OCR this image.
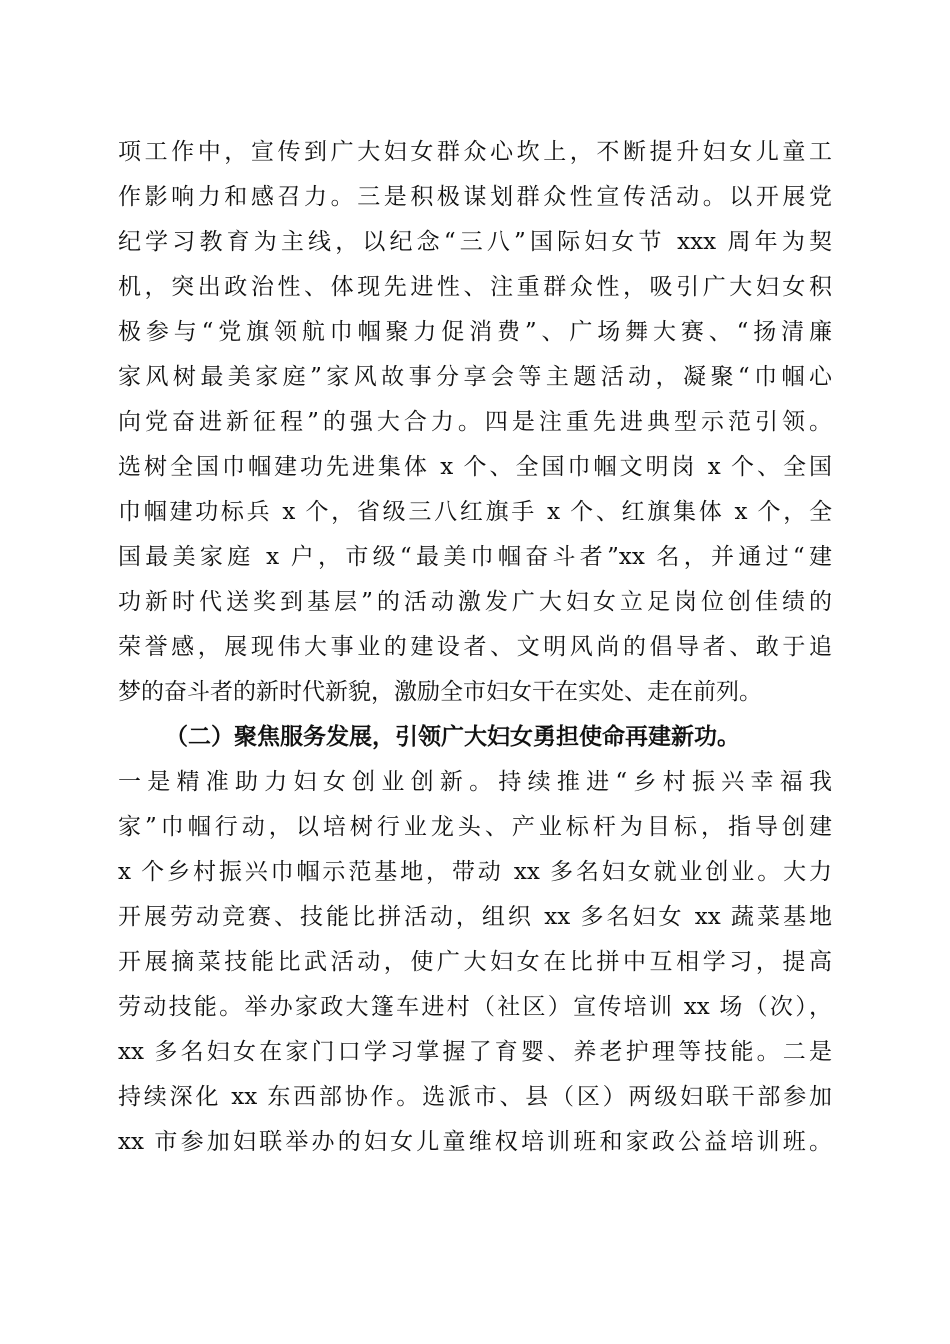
项工作中，宣传到广大妇女群众心坎上，不断提升妇女儿童工
作影响力和感召力。三是积极谋划群众性宣传活动。以开展党
纪学习教育为主线，以纪念“三八”国际妇女节 xxx 周年为契
机，突出政治性、体现先进性、注重群众性，吸引广大妇女积
极参与“党旗领航巾帼聚力促消费”、广场舞大赛、“扬清廉
家风树最美家庭”家风故事分享会等主题活动，凝聚“巾帼心
向党奋进新征程”的强大合力。四是注重先进典型示范引领。
选树全国巾帼建功先进集体 x 个、全国巾帼文明岗 x 个、全国
巾帼建功标兵 x 个，省级三八红旗手 x 个、红旗集体 x 个，全
国最美家庭 x 户，市级“最美巾帼奋斗者”xx 名，并通过“建
功新时代送奖到基层”的活动激发广大妇女立足岗位创佳绩的
荣誉感，展现伟大事业的建设者、文明风尚的倡导者、敢于追
梦的奋斗者的新时代新貌，激励全市妇女干在实处、走在前列。
（二）聚焦服务发展，引领广大妇女勇担使命再建新功。
一是精准助力妇女创业创新。持续推进“乡村振兴幸福我
家”巾帼行动，以培树行业龙头、产业标杆为目标，指导创建
x 个乡村振兴巾帼示范基地，带动 xx 多名妇女就业创业。大力
开展劳动竞赛、技能比拼活动，组织 xx 多名妇女 xx 蔬菜基地
开展摘菜技能比武活动，使广大妇女在比拼中互相学习，提高
劳动技能。举办家政大篷车进村（社区）宣传培训 xx 场（次），
xx 多名妇女在家门口学习掌握了育婴、养老护理等技能。二是
持续深化 xx 东西部协作。选派市、县（区）两级妇联干部参加
xx 市参加妇联举办的妇女儿童维权培训班和家政公益培训班。
